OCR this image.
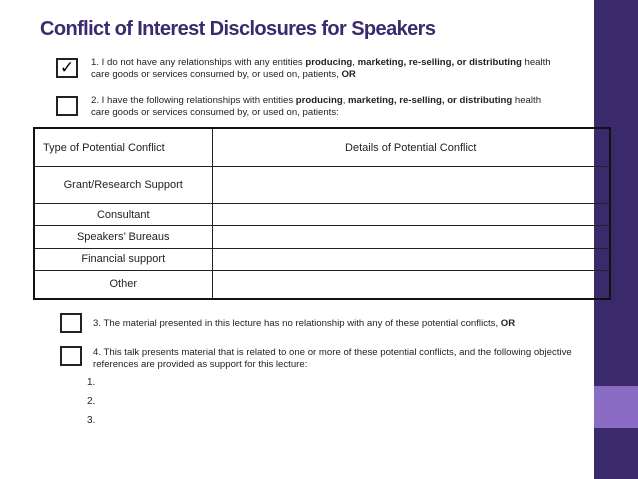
Conflict of Interest Disclosures for Speakers
✓	1. I do not have any relationships with any entities producing, marketing, re-selling, or distributing health care goods or services consumed by, or used on, patients, OR
2. I have the following relationships with entities producing, marketing, re-selling, or distributing health care goods or services consumed by, or used on, patients:
Type of Potential Conflict	Details of Potential Conflict
Grant/Research Support	
Consultant	
Speakers’ Bureaus	
Financial support	
Other	
3. The material presented in this lecture has no relationship with any of these potential conflicts, OR
4. This talk presents material that is related to one or more of these potential conflicts, and the following objective references are provided as support for this lecture:
1.
2.
3.
